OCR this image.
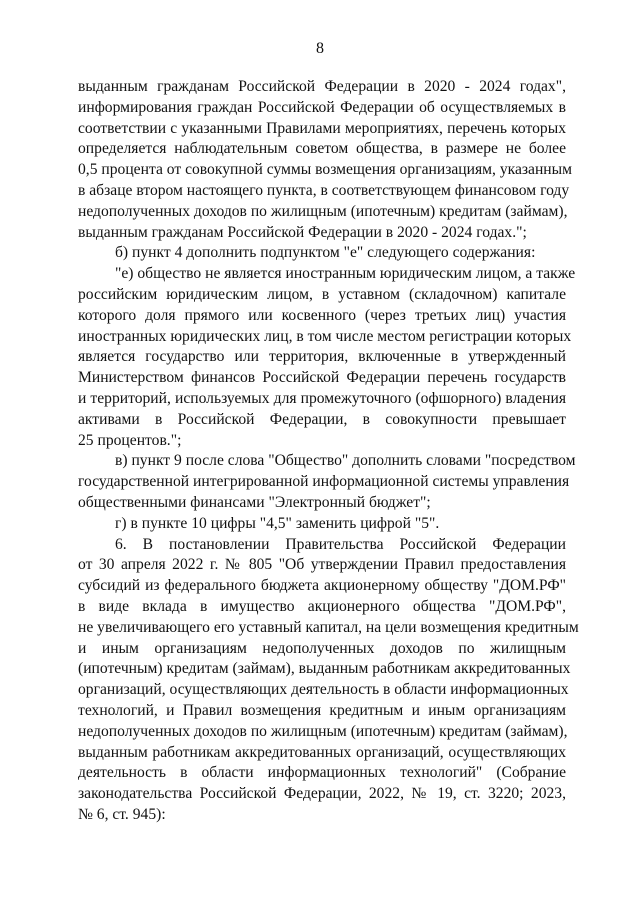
8
выданным гражданам Российской Федерации в 2020 - 2024 годах",
информирования граждан Российской Федерации об осуществляемых в
соответствии с указанными Правилами мероприятиях, перечень которых
определяется наблюдательным советом общества, в размере не более
0,5 процента от совокупной суммы возмещения организациям, указанным
в абзаце втором настоящего пункта, в соответствующем финансовом году
недополученных доходов по жилищным (ипотечным) кредитам (займам),
выданным гражданам Российской Федерации в 2020 - 2024 годах.";
б) пункт 4 дополнить подпунктом "е" следующего содержания:
"е) общество не является иностранным юридическим лицом, а также
российским юридическим лицом, в уставном (складочном) капитале
которого доля прямого или косвенного (через третьих лиц) участия
иностранных юридических лиц, в том числе местом регистрации которых
является государство или территория, включенные в утвержденный
Министерством финансов Российской Федерации перечень государств
и территорий, используемых для промежуточного (офшорного) владения
активами в Российской Федерации, в совокупности превышает
25 процентов.";
в) пункт 9 после слова "Общество" дополнить словами "посредством
государственной интегрированной информационной системы управления
общественными финансами "Электронный бюджет";
г) в пункте 10 цифры "4,5" заменить цифрой "5".
6. В постановлении Правительства Российской Федерации
от 30 апреля 2022 г. № 805 "Об утверждении Правил предоставления
субсидий из федерального бюджета акционерному обществу "ДОМ.РФ"
в виде вклада в имущество акционерного общества "ДОМ.РФ",
не увеличивающего его уставный капитал, на цели возмещения кредитным
и иным организациям недополученных доходов по жилищным
(ипотечным) кредитам (займам), выданным работникам аккредитованных
организаций, осуществляющих деятельность в области информационных
технологий, и Правил возмещения кредитным и иным организациям
недополученных доходов по жилищным (ипотечным) кредитам (займам),
выданным работникам аккредитованных организаций, осуществляющих
деятельность в области информационных технологий" (Собрание
законодательства Российской Федерации, 2022, № 19, ст. 3220; 2023,
№ 6, ст. 945):
